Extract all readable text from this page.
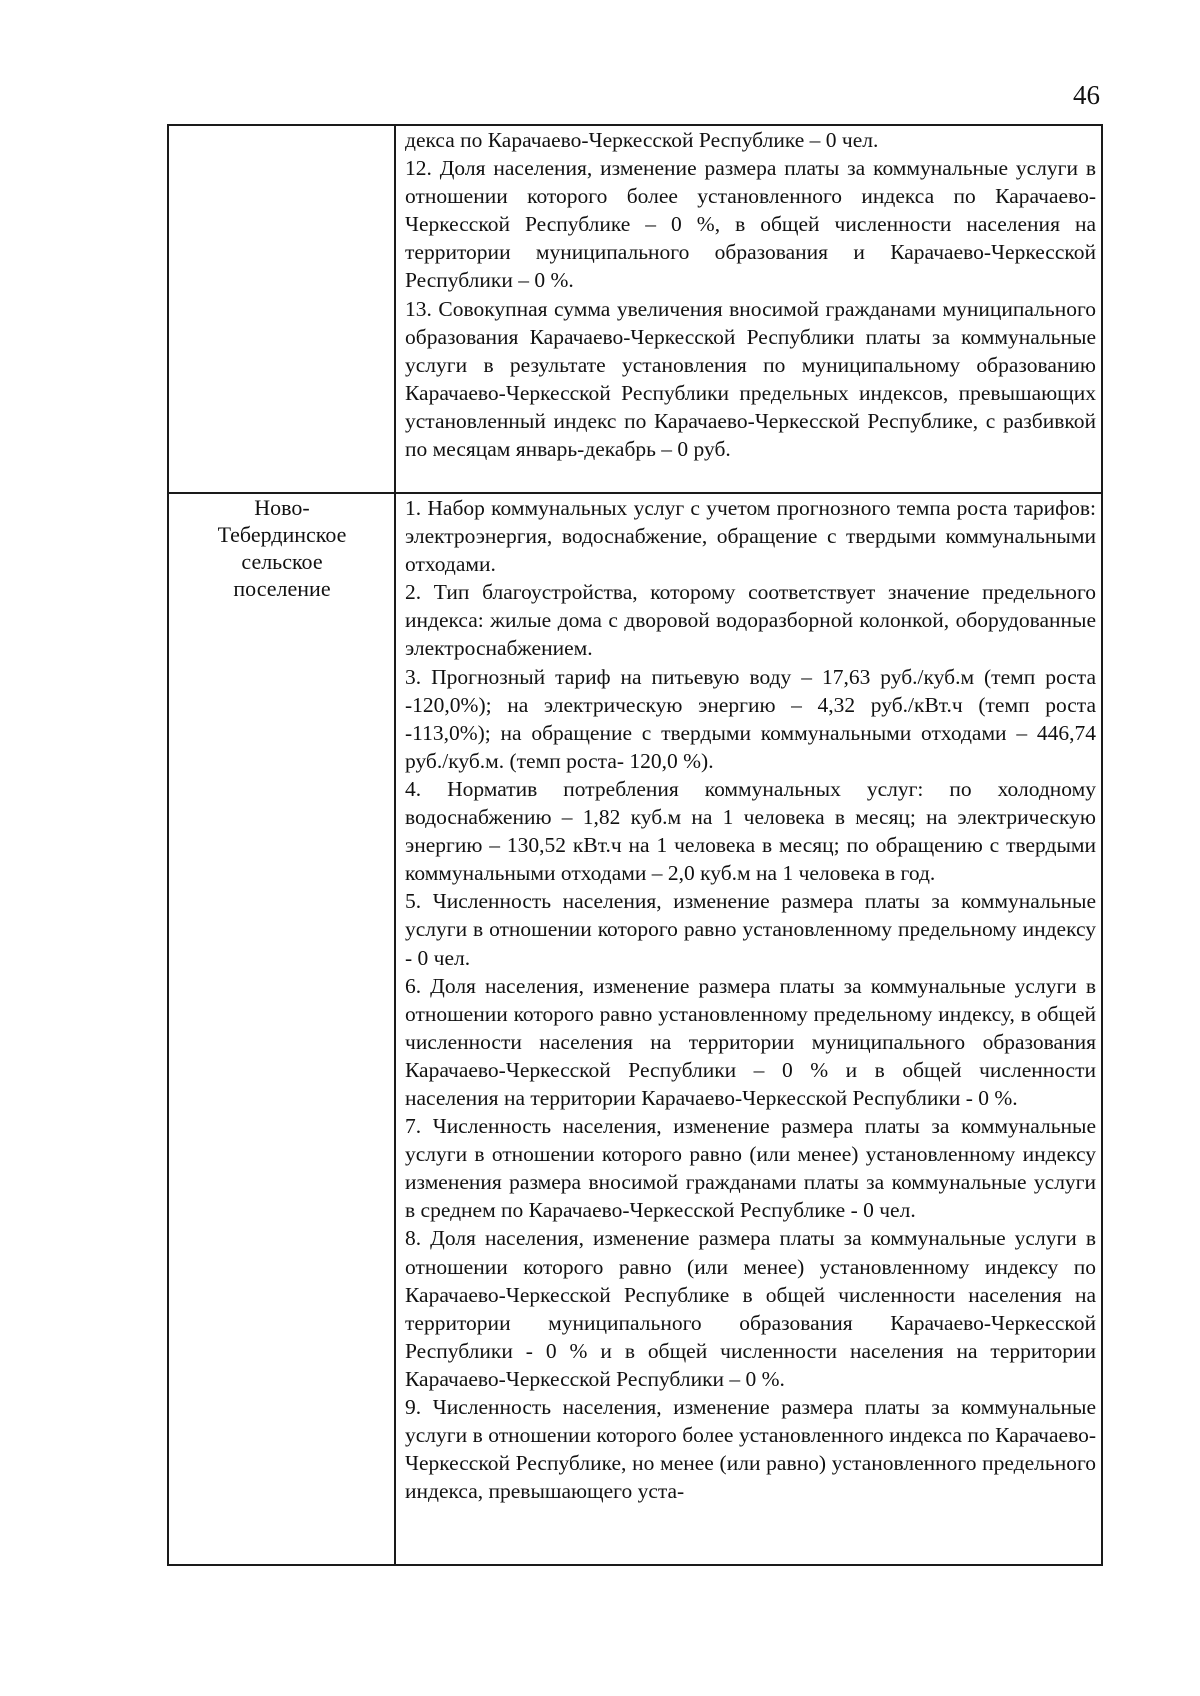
46

декса по Карачаево-Черкесской Республике – 0 чел.

12. Доля населения, изменение размера платы за коммунальные услуги в отношении которого более установленного индекса по Карачаево-Черкесской Республике – 0 %, в общей численности населения на территории муниципального образования и Карачаево-Черкесской Республики – 0 %.

13. Совокупная сумма увеличения вносимой гражданами муниципального образования Карачаево-Черкесской Республики платы за коммунальные услуги в результате установления по муниципальному образованию Карачаево-Черкесской Республики предельных индексов, превышающих установленный индекс по Карачаево-Черкесской Республике, с разбивкой по месяцам январь-декабрь – 0 руб.

Ново-
Тебердинское
сельское
поселение

1. Набор коммунальных услуг с учетом прогнозного темпа роста тарифов: электроэнергия, водоснабжение, обращение с твердыми коммунальными отходами.

2. Тип благоустройства, которому соответствует значение предельного индекса: жилые дома с дворовой водоразборной колонкой, оборудованные электроснабжением.

3. Прогнозный тариф на питьевую воду – 17,63 руб./куб.м (темп роста -120,0%); на электрическую энергию – 4,32 руб./кВт.ч (темп роста -113,0%); на обращение с твердыми коммунальными отходами – 446,74 руб./куб.м. (темп роста- 120,0 %).

4. Норматив потребления коммунальных услуг: по холодному водоснабжению – 1,82 куб.м на 1 человека в месяц; на электрическую энергию – 130,52 кВт.ч на 1 человека в месяц; по обращению с твердыми коммунальными отходами – 2,0 куб.м на 1 человека в год.

5. Численность населения, изменение размера платы за коммунальные услуги в отношении которого равно установленному предельному индексу - 0 чел.

6. Доля населения, изменение размера платы за коммунальные услуги в отношении которого равно установленному предельному индексу, в общей численности населения на территории муниципального образования Карачаево-Черкесской Республики – 0 % и в общей численности населения на территории Карачаево-Черкесской Республики - 0 %.

7. Численность населения, изменение размера платы за коммунальные услуги в отношении которого равно (или менее) установленному индексу изменения размера вносимой гражданами платы за коммунальные услуги в среднем по Карачаево-Черкесской Республике - 0 чел.

8. Доля населения, изменение размера платы за коммунальные услуги в отношении которого равно (или менее) установленному индексу по Карачаево-Черкесской Республике в общей численности населения на территории муниципального образования Карачаево-Черкесской Республики - 0 % и в общей численности населения на территории Карачаево-Черкесской Республики – 0 %.

9. Численность населения, изменение размера платы за коммунальные услуги в отношении которого более установленного индекса по Карачаево-Черкесской Республике, но менее (или равно) установленного предельного индекса, превышающего уста-
